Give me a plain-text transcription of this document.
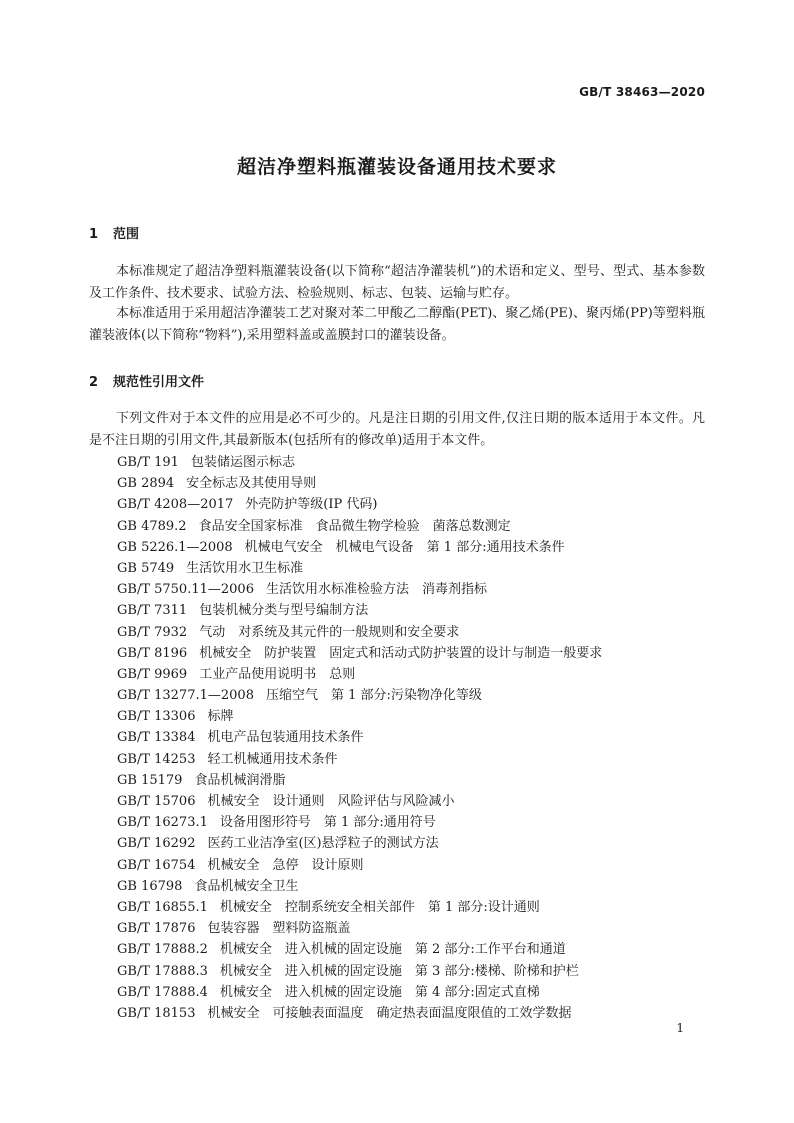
GB/T 38463—2020
超洁净塑料瓶灌装设备通用技术要求
1 范围

本标准规定了超洁净塑料瓶灌装设备(以下简称“超洁净灌装机”)的术语和定义、型号、型式、基本参数及工作条件、技术要求、试验方法、检验规则、标志、包装、运输与贮存。

本标准适用于采用超洁净灌装工艺对聚对苯二甲酸乙二醇酯(PET)、聚乙烯(PE)、聚丙烯(PP)等塑料瓶灌装液体(以下简称“物料”),采用塑料盖或盖膜封口的灌装设备。

2 规范性引用文件

下列文件对于本文件的应用是必不可少的。凡是注日期的引用文件,仅注日期的版本适用于本文件。凡是不注日期的引用文件,其最新版本(包括所有的修改单)适用于本文件。

GB/T 191 包装储运图示标志
GB 2894 安全标志及其使用导则
GB/T 4208—2017 外壳防护等级(IP 代码)
GB 4789.2 食品安全国家标准　食品微生物学检验　菌落总数测定
GB 5226.1—2008 机械电气安全　机械电气设备　第 1 部分:通用技术条件
GB 5749 生活饮用水卫生标准
GB/T 5750.11—2006 生活饮用水标准检验方法　消毒剂指标
GB/T 7311 包装机械分类与型号编制方法
GB/T 7932 气动　对系统及其元件的一般规则和安全要求
GB/T 8196 机械安全　防护装置　固定式和活动式防护装置的设计与制造一般要求
GB/T 9969 工业产品使用说明书　总则
GB/T 13277.1—2008 压缩空气　第 1 部分:污染物净化等级
GB/T 13306 标牌
GB/T 13384 机电产品包装通用技术条件
GB/T 14253 轻工机械通用技术条件
GB 15179 食品机械润滑脂
GB/T 15706 机械安全　设计通则　风险评估与风险减小
GB/T 16273.1 设备用图形符号　第 1 部分:通用符号
GB/T 16292 医药工业洁净室(区)悬浮粒子的测试方法
GB/T 16754 机械安全　急停　设计原则
GB 16798 食品机械安全卫生
GB/T 16855.1 机械安全　控制系统安全相关部件　第 1 部分:设计通则
GB/T 17876 包装容器　塑料防盗瓶盖
GB/T 17888.2 机械安全　进入机械的固定设施　第 2 部分:工作平台和通道
GB/T 17888.3 机械安全　进入机械的固定设施　第 3 部分:楼梯、阶梯和护栏
GB/T 17888.4 机械安全　进入机械的固定设施　第 4 部分:固定式直梯
GB/T 18153 机械安全　可接触表面温度　确定热表面温度限值的工效学数据
1
